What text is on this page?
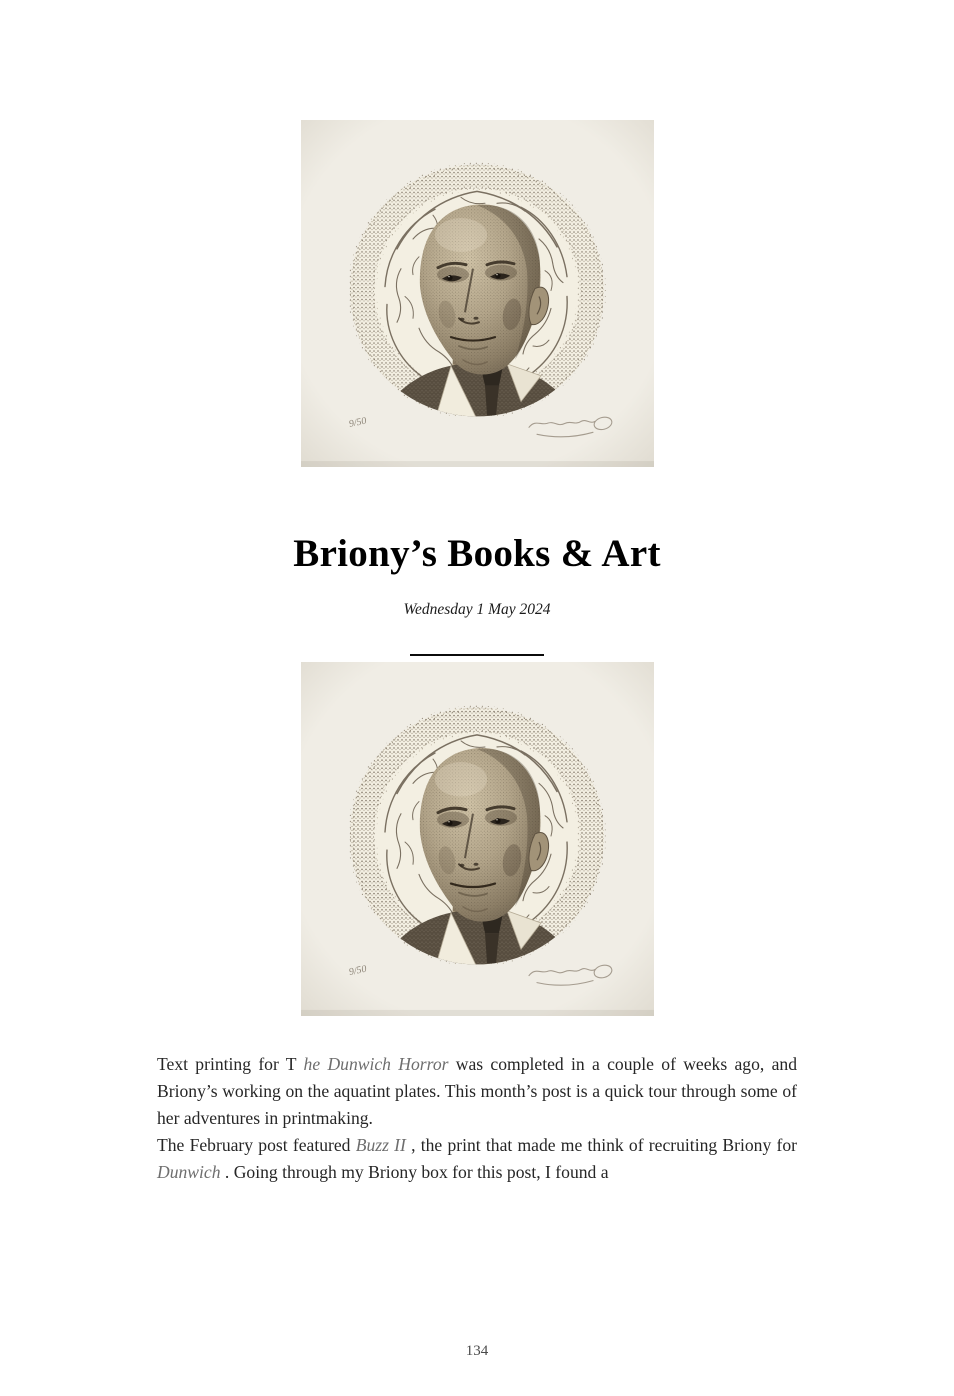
Briony’s Books & Art
Wednesday 1 May 2024

Text printing for T he Dunwich Horror was completed in a couple of weeks ago, and Briony’s working on the aquatint plates. This month’s post is a quick tour through some of her adventures in printmaking.

The February post featured Buzz II , the print that made me think of recruiting Briony for Dunwich . Going through my Briony box for this post, I found a

134
